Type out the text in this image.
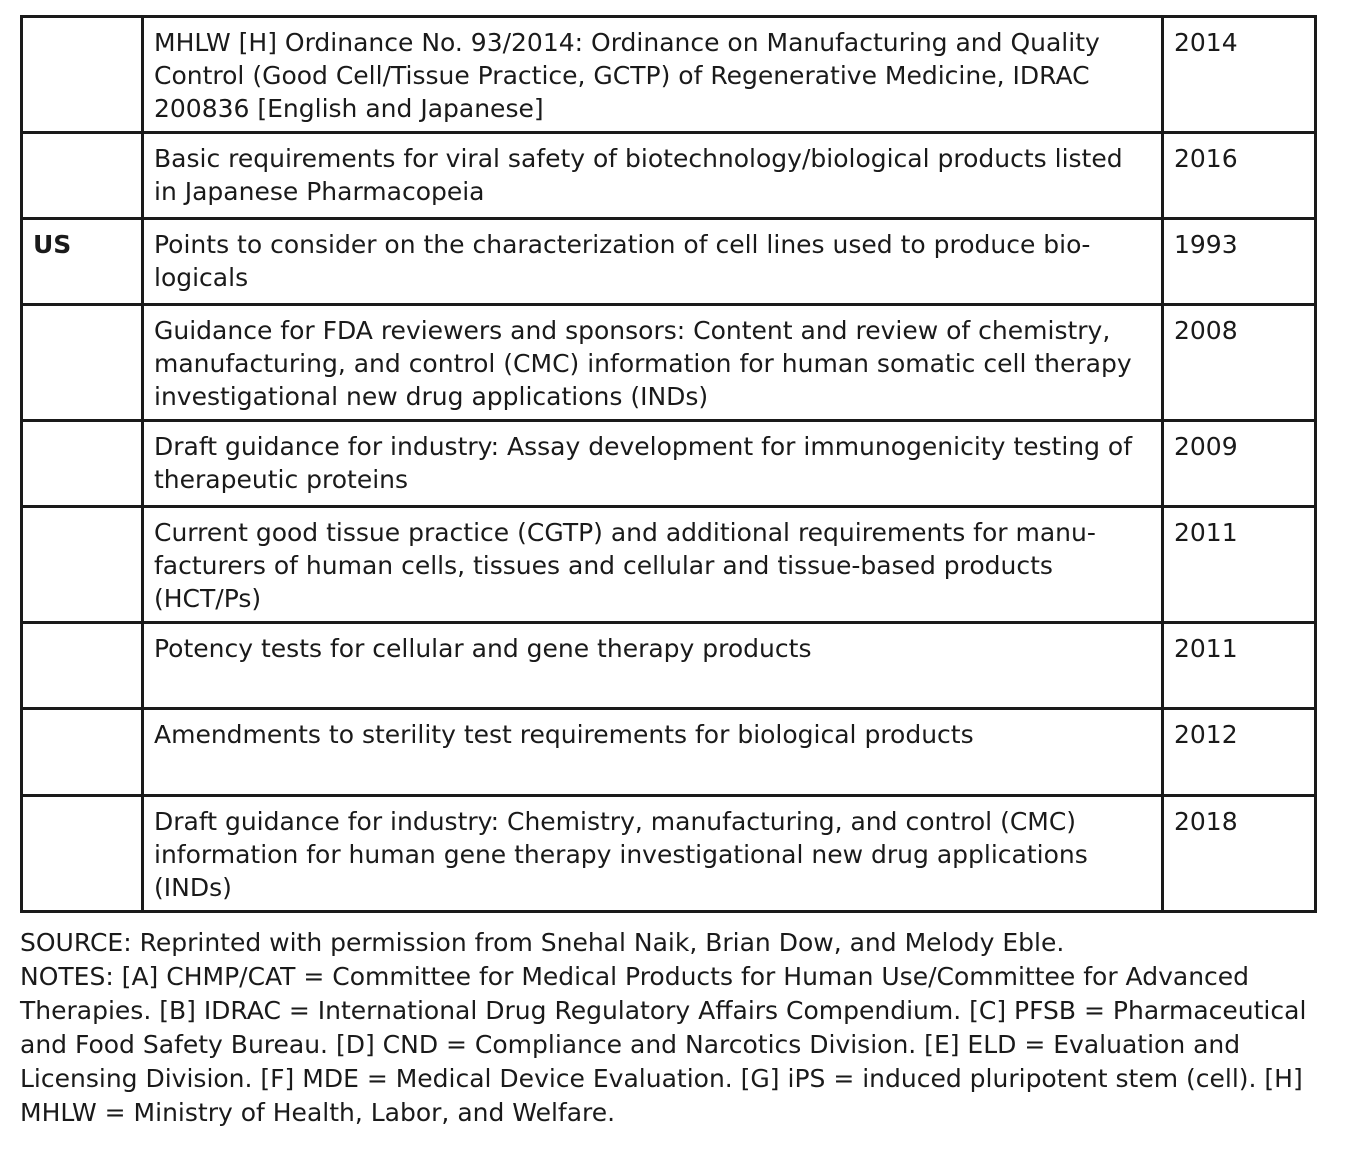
	MHLW [H] Ordinance No. 93/2014: Ordinance on Manufacturing and Quality Control (Good Cell/Tissue Practice, GCTP) of Regenerative Medicine, IDRAC 200836 [English and Japanese]	2014
	Basic requirements for viral safety of biotechnology/biological products listed in Japanese Pharmacopeia	2016
US	Points to consider on the characterization of cell lines used to produce biologicals	1993
	Guidance for FDA reviewers and sponsors: Content and review of chemistry, manufacturing, and control (CMC) information for human somatic cell therapy investigational new drug applications (INDs)	2008
	Draft guidance for industry: Assay development for immunogenicity testing of therapeutic proteins	2009
	Current good tissue practice (CGTP) and additional requirements for manufacturers of human cells, tissues and cellular and tissue-based products (HCT/Ps)	2011
	Potency tests for cellular and gene therapy products	2011
	Amendments to sterility test requirements for biological products	2012
	Draft guidance for industry: Chemistry, manufacturing, and control (CMC) information for human gene therapy investigational new drug applications (INDs)	2018

SOURCE: Reprinted with permission from Snehal Naik, Brian Dow, and Melody Eble.

NOTES: [A] CHMP/CAT = Committee for Medical Products for Human Use/Committee for Advanced Therapies. [B] IDRAC = International Drug Regulatory Affairs Compendium. [C] PFSB = Pharmaceutical and Food Safety Bureau. [D] CND = Compliance and Narcotics Division. [E] ELD = Evaluation and Licensing Division. [F] MDE = Medical Device Evaluation. [G] iPS = induced pluripotent stem (cell). [H] MHLW = Ministry of Health, Labor, and Welfare.
